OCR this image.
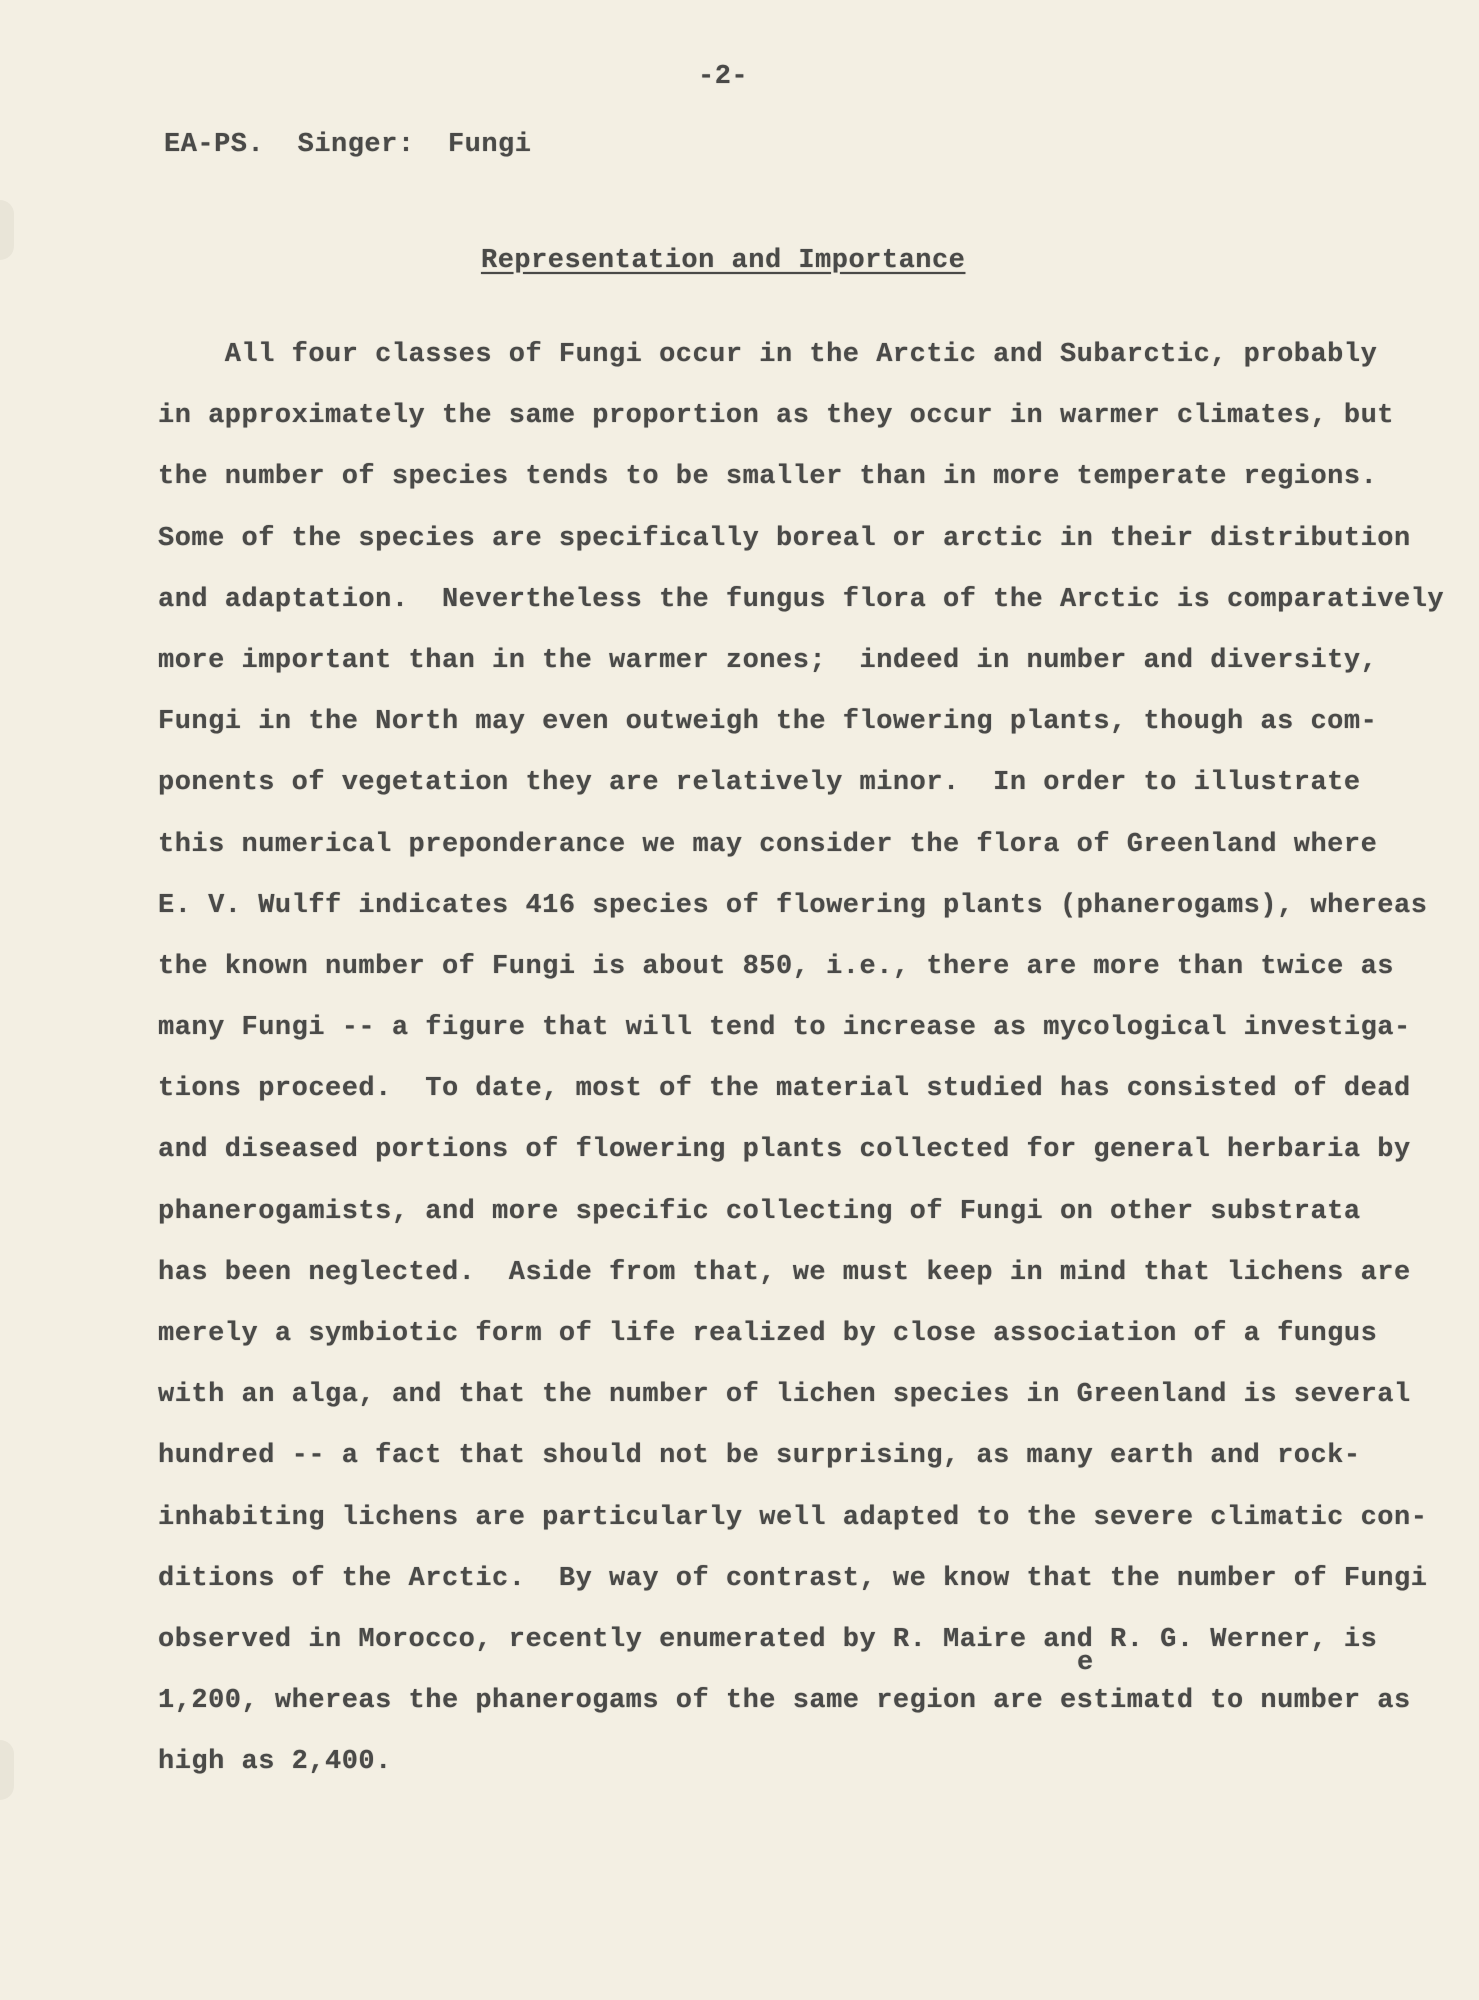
-2-
EA-PS.  Singer:  Fungi
Representation and Importance
All four classes of Fungi occur in the Arctic and Subarctic, probably
in approximately the same proportion as they occur in warmer climates, but
the number of species tends to be smaller than in more temperate regions.
Some of the species are specifically boreal or arctic in their distribution
and adaptation.  Nevertheless the fungus flora of the Arctic is comparatively
more important than in the warmer zones;  indeed in number and diversity,
Fungi in the North may even outweigh the flowering plants, though as com-
ponents of vegetation they are relatively minor.  In order to illustrate
this numerical preponderance we may consider the flora of Greenland where
E. V. Wulff indicates 416 species of flowering plants (phanerogams), whereas
the known number of Fungi is about 850, i.e., there are more than twice as
many Fungi -- a figure that will tend to increase as mycological investiga-
tions proceed.  To date, most of the material studied has consisted of dead
and diseased portions of flowering plants collected for general herbaria by
phanerogamists, and more specific collecting of Fungi on other substrata
has been neglected.  Aside from that, we must keep in mind that lichens are
merely a symbiotic form of life realized by close association of a fungus
with an alga, and that the number of lichen species in Greenland is several
hundred -- a fact that should not be surprising, as many earth and rock-
inhabiting lichens are particularly well adapted to the severe climatic con-
ditions of the Arctic.  By way of contrast, we know that the number of Fungi
observed in Morocco, recently enumerated by R. Maire and R. G. Werner, is
1,200, whereas the phanerogams of the same region are estimatd to number as
high as 2,400.
e
